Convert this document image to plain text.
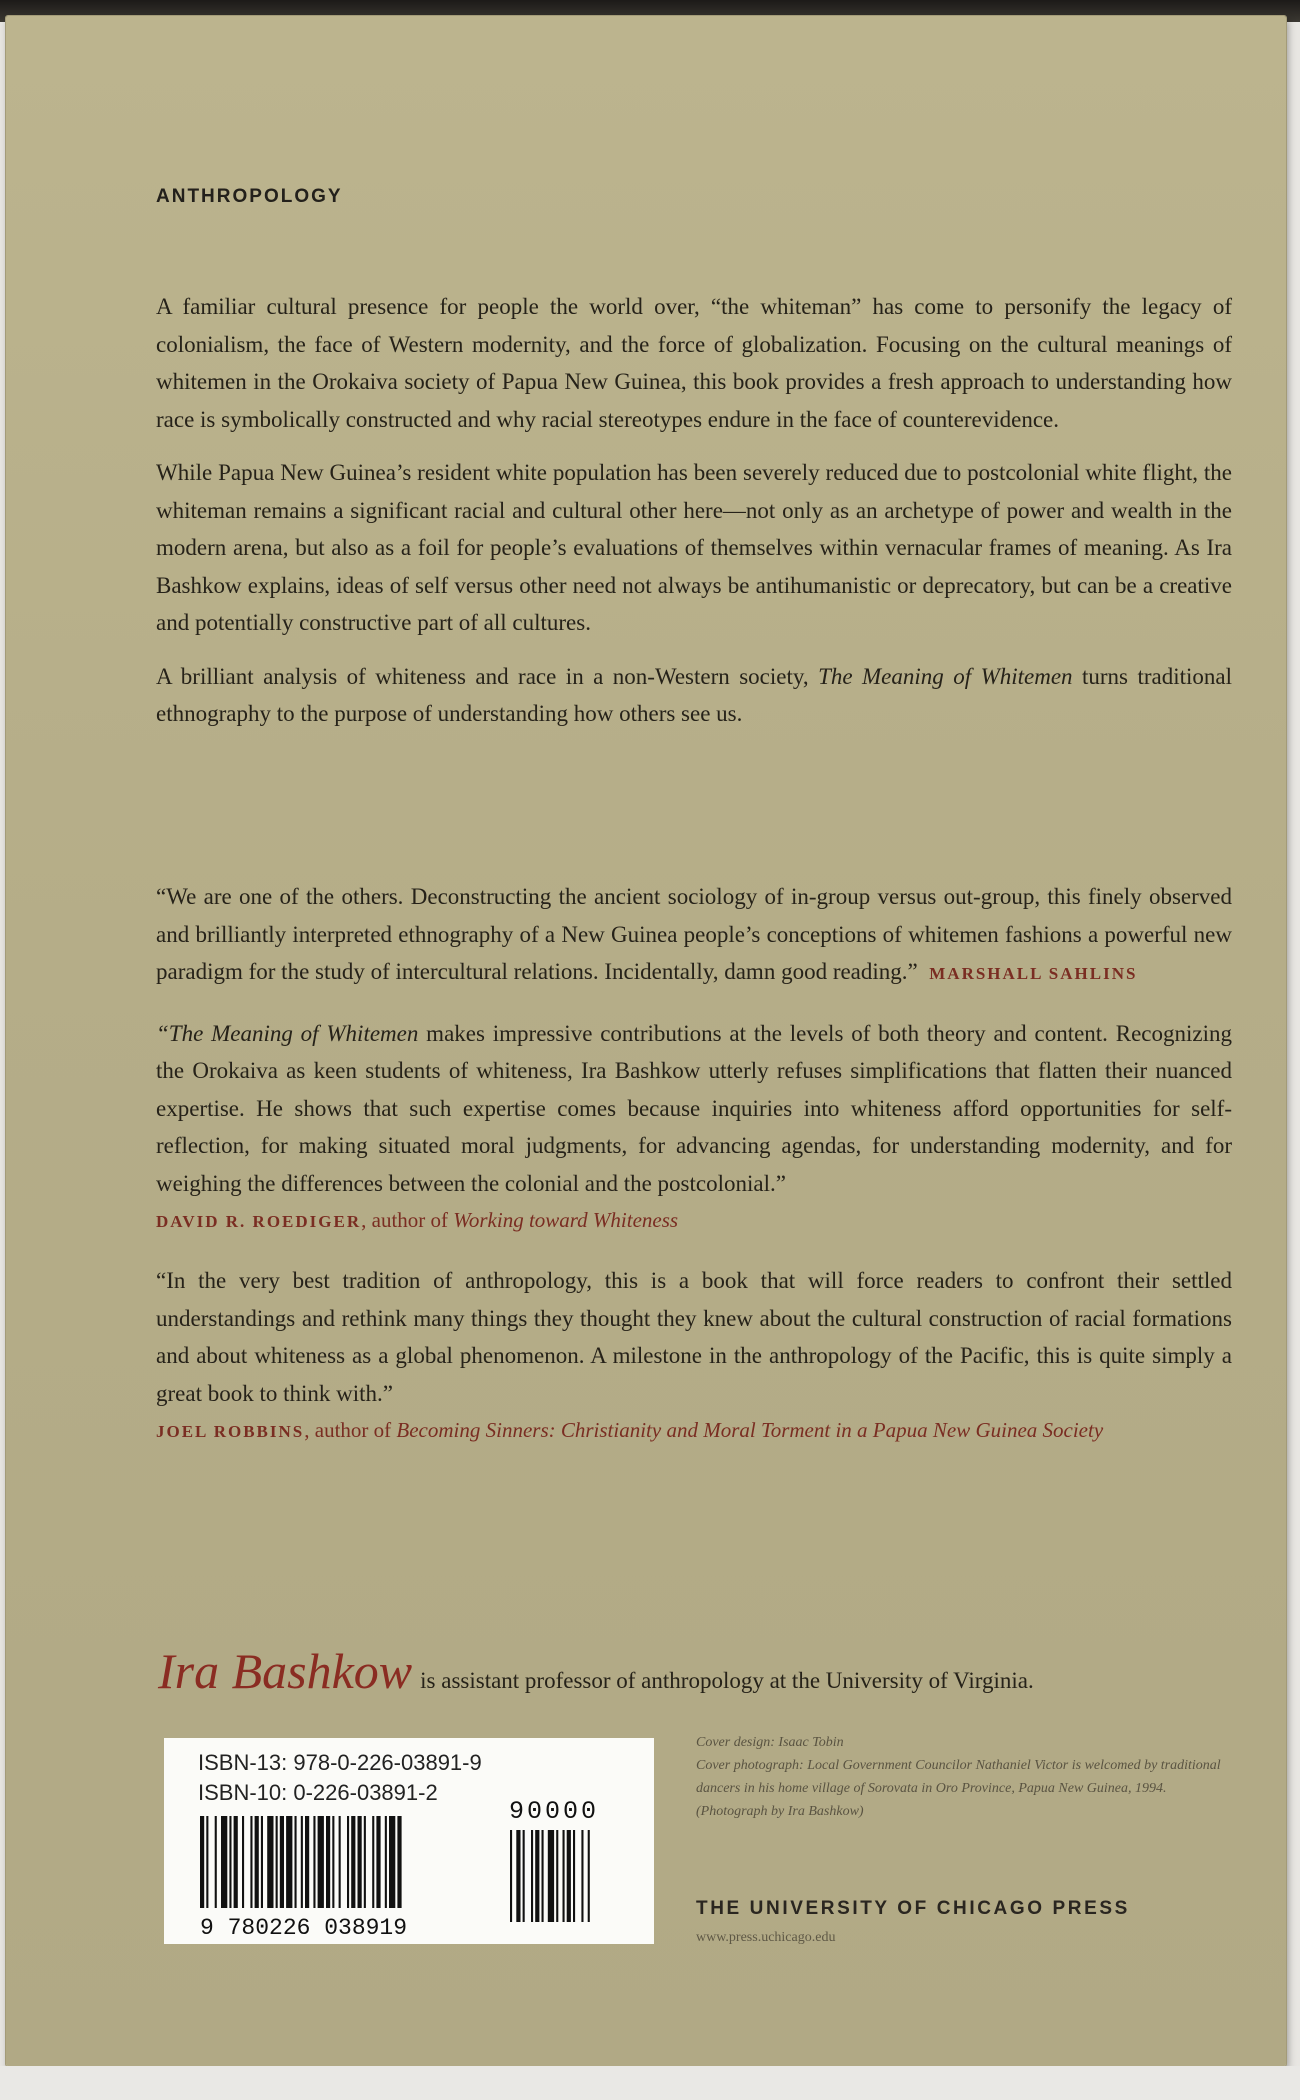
ANTHROPOLOGY

A familiar cultural presence for people the world over, “the whiteman” has come to personify the legacy of colonialism, the face of Western modernity, and the force of globalization. Focusing on the cultural meanings of whitemen in the Orokaiva society of Papua New Guinea, this book provides a fresh approach to understanding how race is symbolically constructed and why racial stereotypes endure in the face of counterevidence.

While Papua New Guinea’s resident white population has been severely reduced due to postcolonial white flight, the whiteman remains a significant racial and cultural other here—not only as an archetype of power and wealth in the modern arena, but also as a foil for people’s evaluations of themselves within vernacular frames of meaning. As Ira Bashkow explains, ideas of self versus other need not always be antihumanistic or deprecatory, but can be a creative and potentially constructive part of all cultures.

A brilliant analysis of whiteness and race in a non-Western society, The Meaning of Whitemen turns traditional ethnography to the purpose of understanding how others see us.

“We are one of the others. Deconstructing the ancient sociology of in-group versus out-group, this finely observed and brilliantly interpreted ethnography of a New Guinea people’s conceptions of whitemen fashions a powerful new paradigm for the study of intercultural relations. Incidentally, damn good reading.” MARSHALL SAHLINS

“The Meaning of Whitemen makes impressive contributions at the levels of both theory and content. Recognizing the Orokaiva as keen students of whiteness, Ira Bashkow utterly refuses simplifications that flatten their nuanced expertise. He shows that such expertise comes because inquiries into whiteness afford opportunities for self-reflection, for making situated moral judgments, for advancing agendas, for understanding modernity, and for weighing the differences between the colonial and the postcolonial.”

DAVID R. ROEDIGER, author of Working toward Whiteness

“In the very best tradition of anthropology, this is a book that will force readers to confront their settled understandings and rethink many things they thought they knew about the cultural construction of racial formations and about whiteness as a global phenomenon. A milestone in the anthropology of the Pacific, this is quite simply a great book to think with.”

JOEL ROBBINS, author of Becoming Sinners: Christianity and Moral Torment in a Papua New Guinea Society

Ira Bashkow is assistant professor of anthropology at the University of Virginia.
ISBN-13: 978-0-226-03891-9
ISBN-10: 0-226-03891-2
9 780226 038919
90000

Cover design: Isaac Tobin

Cover photograph: Local Government Councilor Nathaniel Victor is welcomed by traditional dancers in his home village of Sorovata in Oro Province, Papua New Guinea, 1994. (Photograph by Ira Bashkow)

THE UNIVERSITY OF CHICAGO PRESS
www.press.uchicago.edu
